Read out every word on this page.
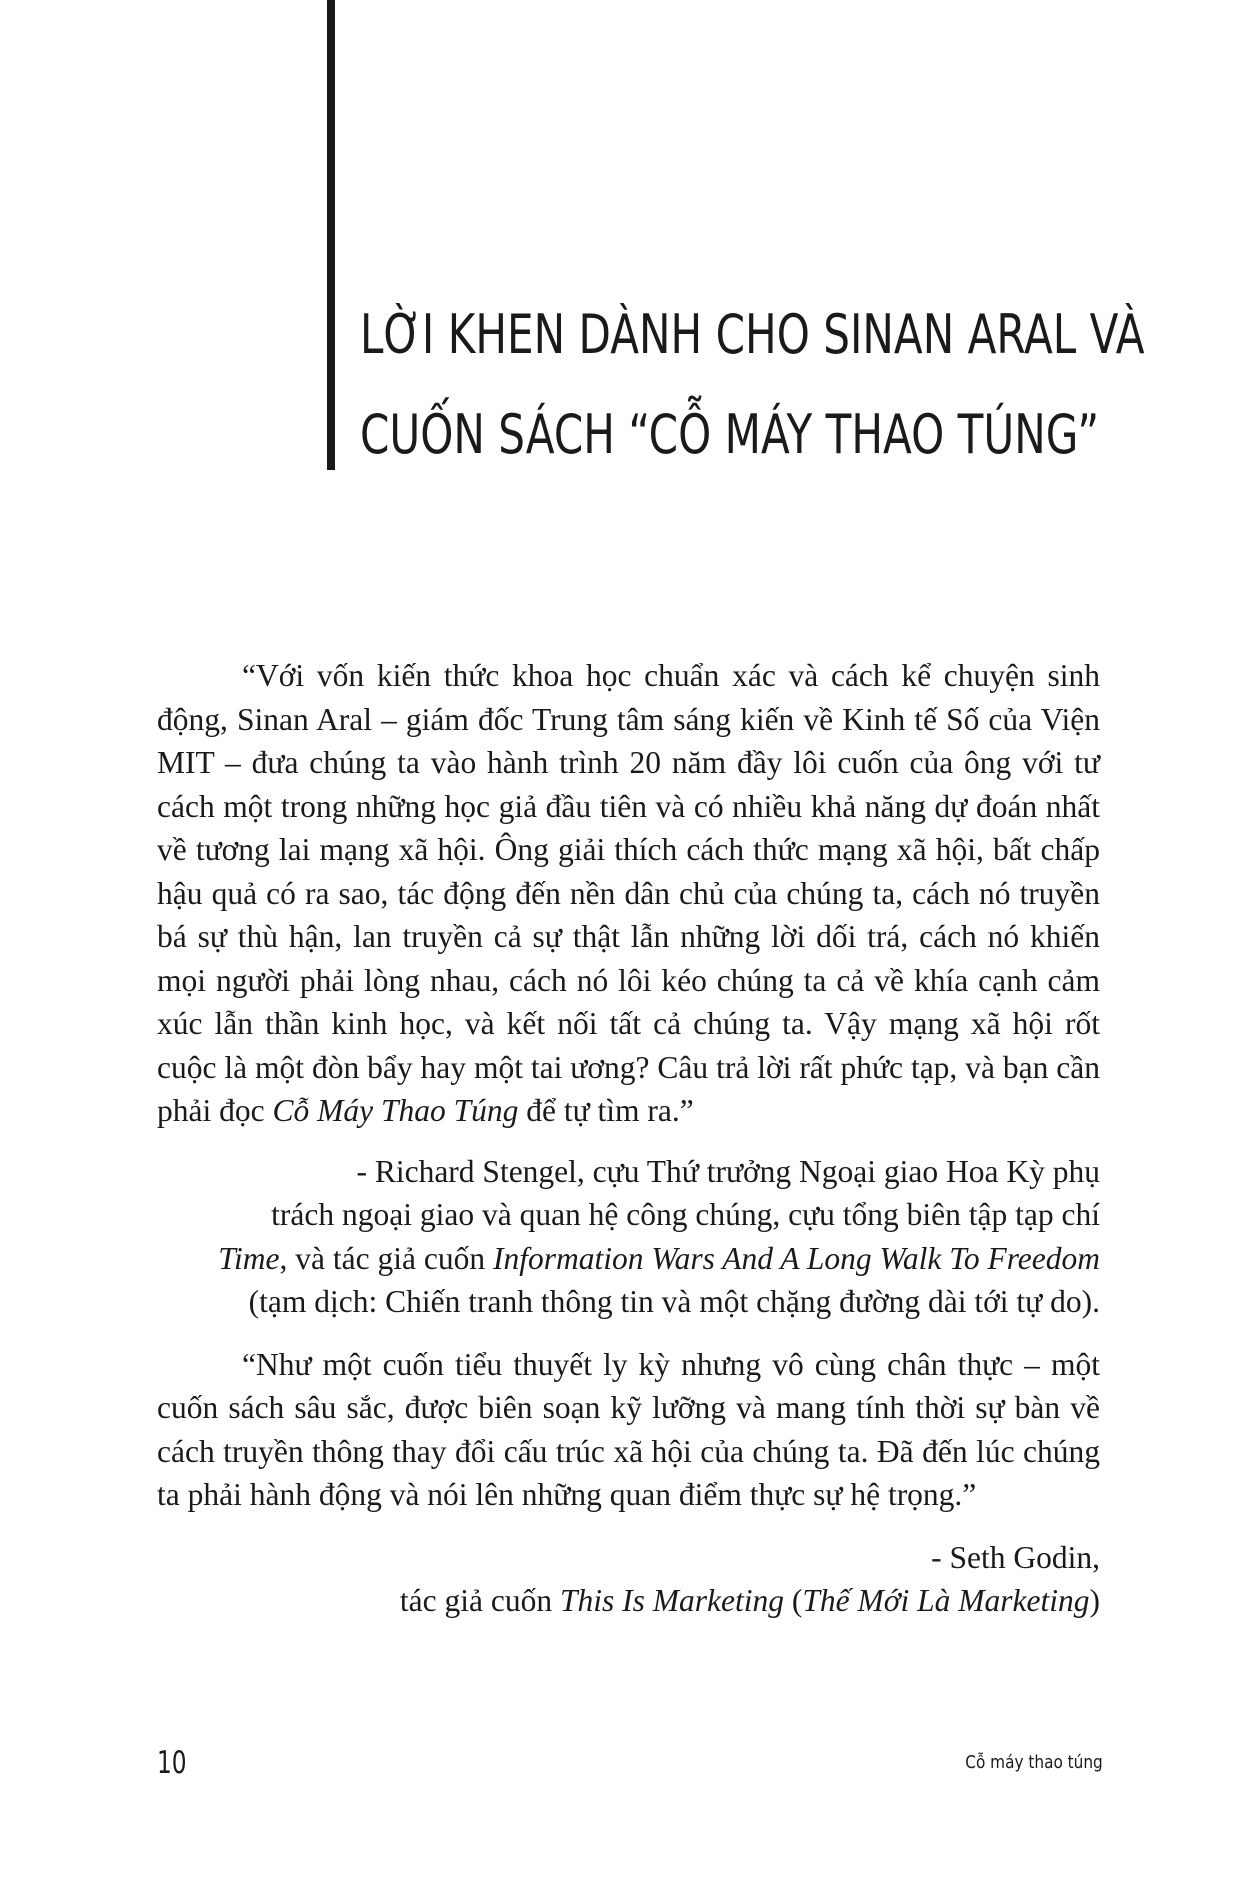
LỜI KHEN DÀNH CHO SINAN ARAL VÀ
CUỐN SÁCH “CỖ MÁY THAO TÚNG”

“Với vốn kiến thức khoa học chuẩn xác và cách kể chuyện sinh động, Sinan Aral – giám đốc Trung tâm sáng kiến về Kinh tế Số của Viện MIT – đưa chúng ta vào hành trình 20 năm đầy lôi cuốn của ông với tư cách một trong những học giả đầu tiên và có nhiều khả năng dự đoán nhất về tương lai mạng xã hội. Ông giải thích cách thức mạng xã hội, bất chấp hậu quả có ra sao, tác động đến nền dân chủ của chúng ta, cách nó truyền bá sự thù hận, lan truyền cả sự thật lẫn những lời dối trá, cách nó khiến mọi người phải lòng nhau, cách nó lôi kéo chúng ta cả về khía cạnh cảm xúc lẫn thần kinh học, và kết nối tất cả chúng ta. Vậy mạng xã hội rốt cuộc là một đòn bẩy hay một tai ương? Câu trả lời rất phức tạp, và bạn cần phải đọc Cỗ Máy Thao Túng để tự tìm ra.”

- Richard Stengel, cựu Thứ trưởng Ngoại giao Hoa Kỳ phụ

trách ngoại giao và quan hệ công chúng, cựu tổng biên tập tạp chí

Time, và tác giả cuốn Information Wars And A Long Walk To Freedom

(tạm dịch: Chiến tranh thông tin và một chặng đường dài tới tự do).

“Như một cuốn tiểu thuyết ly kỳ nhưng vô cùng chân thực – một cuốn sách sâu sắc, được biên soạn kỹ lưỡng và mang tính thời sự bàn về cách truyền thông thay đổi cấu trúc xã hội của chúng ta. Đã đến lúc chúng ta phải hành động và nói lên những quan điểm thực sự hệ trọng.”

- Seth Godin,

tác giả cuốn This Is Marketing (Thế Mới Là Marketing)

10	Cỗ máy thao túng
